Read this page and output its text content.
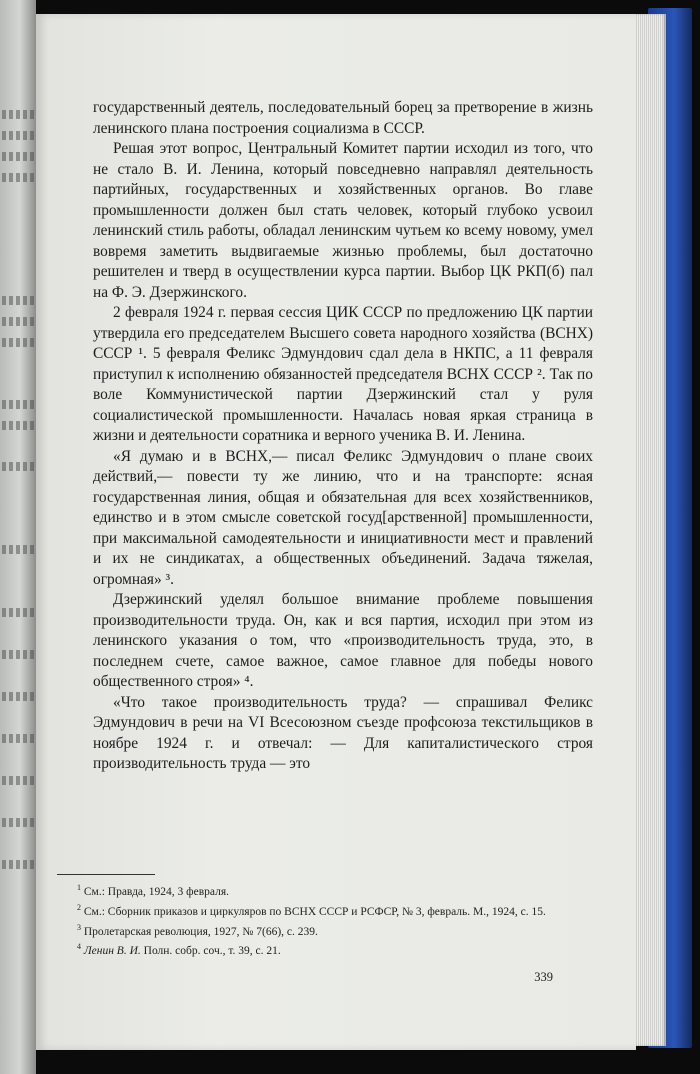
государственный деятель, последовательный борец за претворение в жизнь ленинского плана построения социализма в СССР.

Решая этот вопрос, Центральный Комитет партии исходил из того, что не стало В. И. Ленина, который повседневно направлял деятельность партийных, государственных и хозяйственных органов. Во главе промышленности должен был стать человек, который глубоко усвоил ленинский стиль работы, обладал ленинским чутьем ко всему новому, умел вовремя заметить выдвигаемые жизнью проблемы, был достаточно решителен и тверд в осуществлении курса партии. Выбор ЦК РКП(б) пал на Ф. Э. Дзержинского.

2 февраля 1924 г. первая сессия ЦИК СССР по предложению ЦК партии утвердила его председателем Высшего совета народного хозяйства (ВСНХ) СССР ¹. 5 февраля Феликс Эдмундович сдал дела в НКПС, а 11 февраля приступил к исполнению обязанностей председателя ВСНХ СССР ². Так по воле Коммунистической партии Дзержинский стал у руля социалистической промышленности. Началась новая яркая страница в жизни и деятельности соратника и верного ученика В. И. Ленина.

«Я думаю и в ВСНХ,— писал Феликс Эдмундович о плане своих действий,— повести ту же линию, что и на транспорте: ясная государственная линия, общая и обязательная для всех хозяйственников, единство и в этом смысле советской госуд[арственной] промышленности, при максимальной самодеятельности и инициативности мест и правлений и их не синдикатах, а общественных объединений. Задача тяжелая, огромная» ³.

Дзержинский уделял большое внимание проблеме повышения производительности труда. Он, как и вся партия, исходил при этом из ленинского указания о том, что «производительность труда, это, в последнем счете, самое важное, самое главное для победы нового общественного строя» ⁴.

«Что такое производительность труда? — спрашивал Феликс Эдмундович в речи на VI Всесоюзном съезде профсоюза текстильщиков в ноябре 1924 г. и отвечал: — Для капиталистического строя производительность труда — это

$^1$ См.: Правда, 1924, 3 февраля.

$^2$ См.: Сборник приказов и циркуляров по ВСНХ СССР и РСФСР, № 3, февраль. М., 1924, с. 15.

$^3$ Пролетарская революция, 1927, № 7(66), с. 239.

$^4$ Ленин В. И. Полн. собр. соч., т. 39, с. 21.

339
